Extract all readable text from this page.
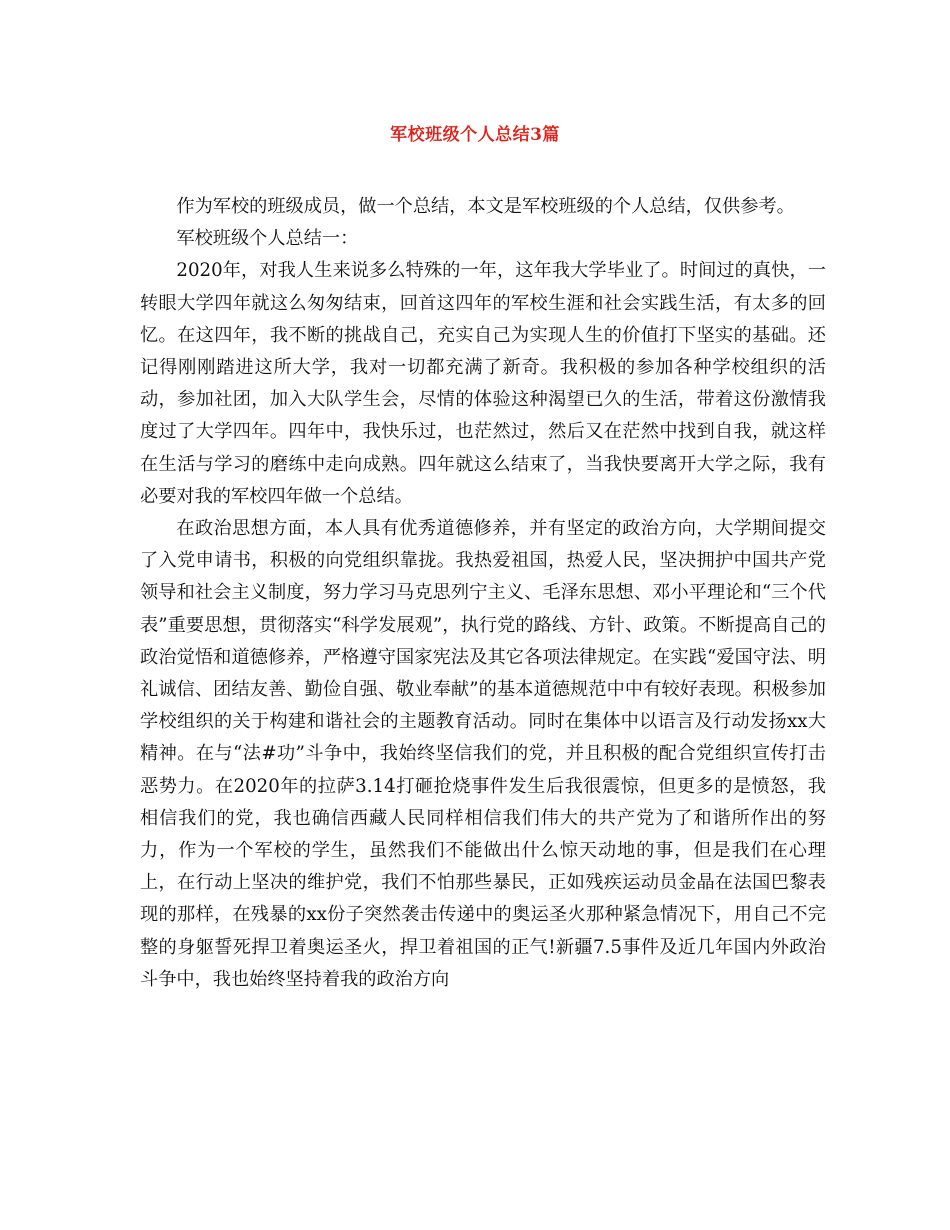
军校班级个人总结3篇

作为军校的班级成员，做一个总结，本文是军校班级的个人总结，仅供参考。

军校班级个人总结一：

2020年，对我人生来说多么特殊的一年，这年我大学毕业了。时间过的真快，一转眼大学四年就这么匆匆结束，回首这四年的军校生涯和社会实践生活，有太多的回忆。在这四年，我不断的挑战自己，充实自己为实现人生的价值打下坚实的基础。还记得刚刚踏进这所大学，我对一切都充满了新奇。我积极的参加各种学校组织的活动，参加社团，加入大队学生会，尽情的体验这种渴望已久的生活，带着这份激情我度过了大学四年。四年中，我快乐过，也茫然过，然后又在茫然中找到自我，就这样在生活与学习的磨练中走向成熟。四年就这么结束了，当我快要离开大学之际，我有必要对我的军校四年做一个总结。

在政治思想方面，本人具有优秀道德修养，并有坚定的政治方向，大学期间提交了入党申请书，积极的向党组织靠拢。我热爱祖国，热爱人民，坚决拥护中国共产党领导和社会主义制度，努力学习马克思列宁主义、毛泽东思想、邓小平理论和“三个代表”重要思想，贯彻落实“科学发展观”，执行党的路线、方针、政策。不断提高自己的政治觉悟和道德修养，严格遵守国家宪法及其它各项法律规定。在实践“爱国守法、明礼诚信、团结友善、勤俭自强、敬业奉献”的基本道德规范中中有较好表现。积极参加学校组织的关于构建和谐社会的主题教育活动。同时在集体中以语言及行动发扬xx大精神。在与“法#功”斗争中，我始终坚信我们的党，并且积极的配合党组织宣传打击恶势力。在2020年的拉萨3.14打砸抢烧事件发生后我很震惊，但更多的是愤怒，我相信我们的党，我也确信西藏人民同样相信我们伟大的共产党为了和谐所作出的努力，作为一个军校的学生，虽然我们不能做出什么惊天动地的事，但是我们在心理上，在行动上坚决的维护党，我们不怕那些暴民，正如残疾运动员金晶在法国巴黎表现的那样，在残暴的xx份子突然袭击传递中的奥运圣火那种紧急情况下，用自己不完整的身躯誓死捍卫着奥运圣火，捍卫着祖国的正气!新疆7.5事件及近几年国内外政治斗争中，我也始终坚持着我的政治方向
